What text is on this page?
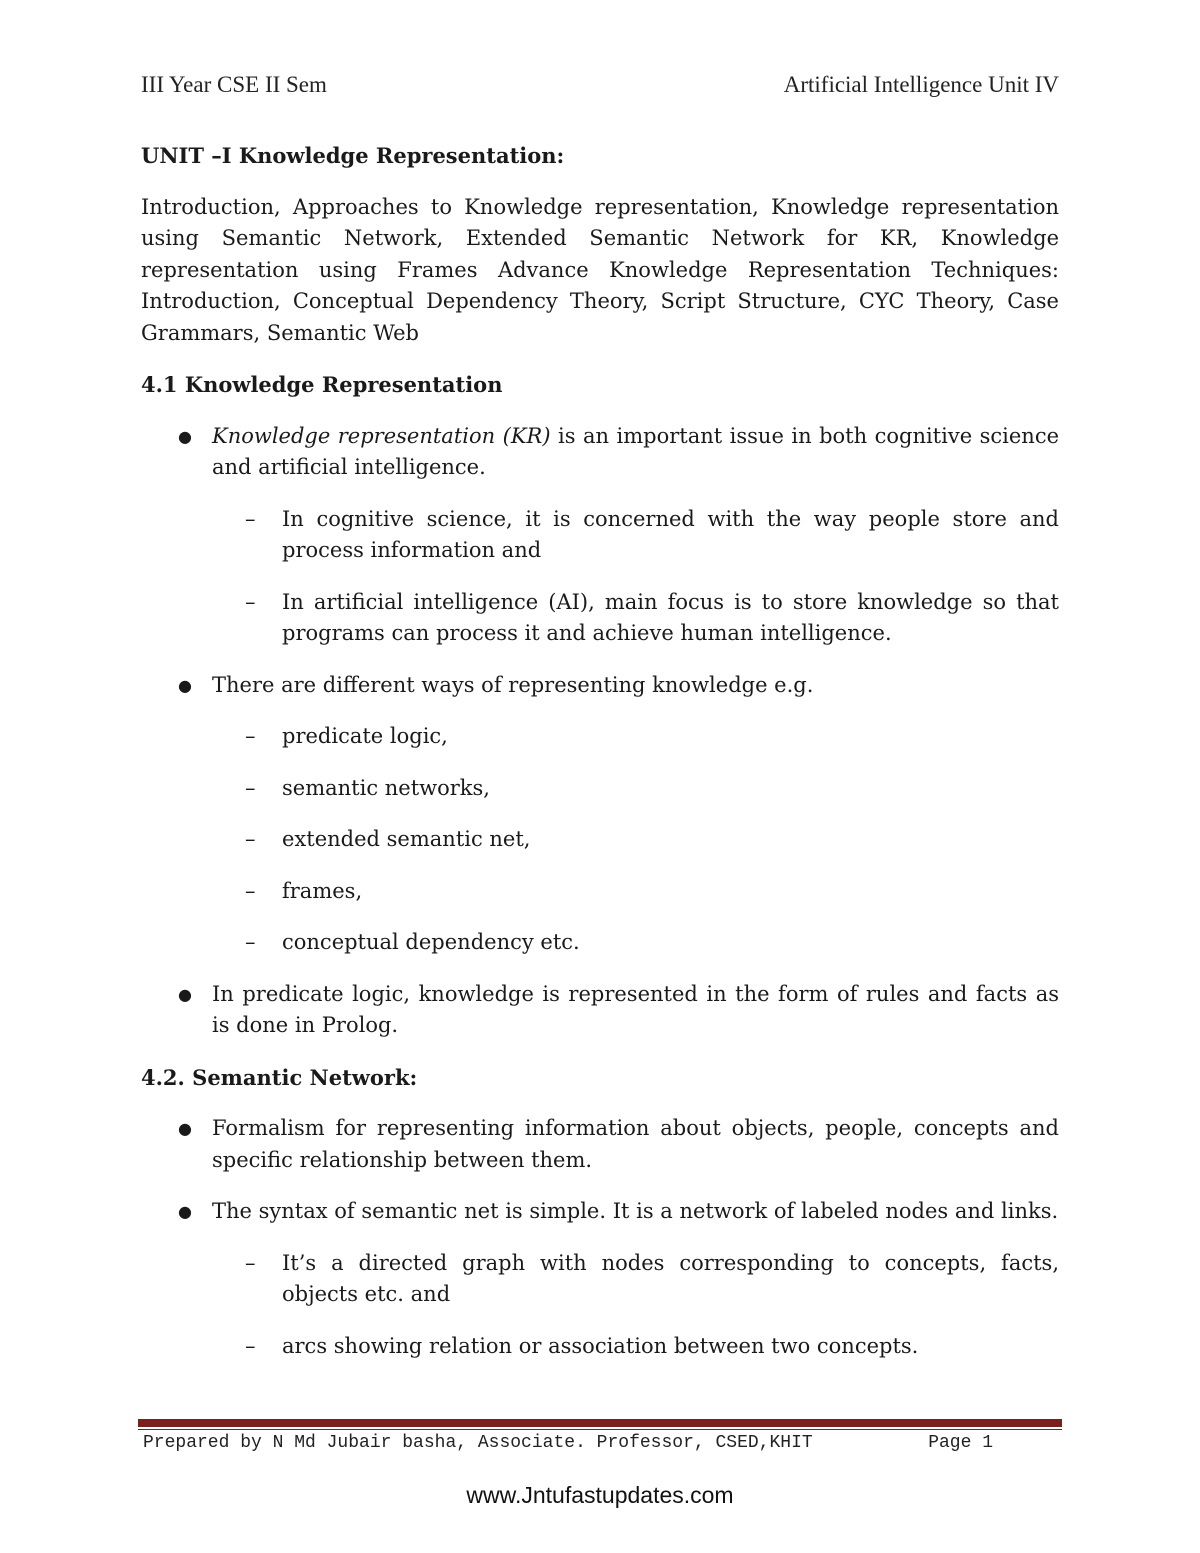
III Year CSE II Sem	Artificial Intelligence Unit IV

UNIT –I Knowledge Representation:

Introduction, Approaches to Knowledge representation, Knowledge representation using Semantic Network, Extended Semantic Network for KR, Knowledge representation using Frames Advance Knowledge Representation Techniques: Introduction, Conceptual Dependency Theory, Script Structure, CYC Theory, Case Grammars, Semantic Web

4.1 Knowledge Representation

● Knowledge representation (KR) is an important issue in both cognitive science and artificial intelligence.
– In cognitive science, it is concerned with the way people store and process information and
– In artificial intelligence (AI), main focus is to store knowledge so that programs can process it and achieve human intelligence.
● There are different ways of representing knowledge e.g.
– predicate logic,
– semantic networks,
– extended semantic net,
– frames,
– conceptual dependency etc.
● In predicate logic, knowledge is represented in the form of rules and facts as is done in Prolog.

4.2. Semantic Network:

● Formalism for representing information about objects, people, concepts and specific relationship between them.
● The syntax of semantic net is simple. It is a network of labeled nodes and links.
– It’s a directed graph with nodes corresponding to concepts, facts, objects etc. and
– arcs showing relation or association between two concepts.
Prepared by N Md Jubair basha, Associate. Professor, CSED,KHIT	Page 1
www.Jntufastupdates.com
